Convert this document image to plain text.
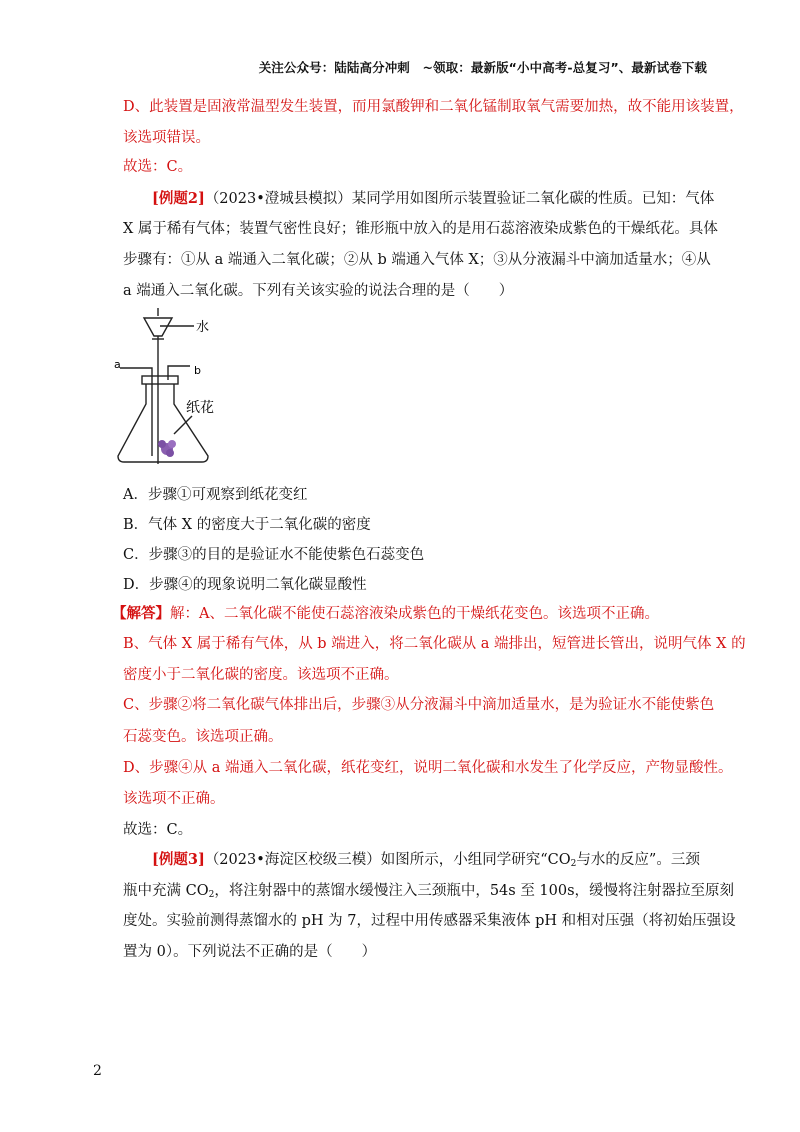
关注公众号：陆陆高分冲刺　~领取：最新版“小中高考-总复习”、最新试卷下载
D、此装置是固液常温型发生装置，而用氯酸钾和二氧化锰制取氧气需要加热，故不能用该装置，
该选项错误。
故选：C。
[例题2]（2023•澄城县模拟）某同学用如图所示装置验证二氧化碳的性质。已知：气体
X 属于稀有气体；装置气密性良好；锥形瓶中放入的是用石蕊溶液染成紫色的干燥纸花。具体
步骤有：①从 a 端通入二氧化碳；②从 b 端通入气体 X；③从分液漏斗中滴加适量水；④从
a 端通入二氧化碳。下列有关该实验的说法合理的是（　　）
水
a	b
纸花
A．步骤①可观察到纸花变红
B．气体 X 的密度大于二氧化碳的密度
C．步骤③的目的是验证水不能使紫色石蕊变色
D．步骤④的现象说明二氧化碳显酸性
【解答】解：A、二氧化碳不能使石蕊溶液染成紫色的干燥纸花变色。该选项不正确。
B、气体 X 属于稀有气体，从 b 端进入，将二氧化碳从 a 端排出，短管进长管出，说明气体 X 的
密度小于二氧化碳的密度。该选项不正确。
C、步骤②将二氧化碳气体排出后，步骤③从分液漏斗中滴加适量水，是为验证水不能使紫色
石蕊变色。该选项正确。
D、步骤④从 a 端通入二氧化碳，纸花变红，说明二氧化碳和水发生了化学反应，产物显酸性。
该选项不正确。
故选：C。
[例题3]（2023•海淀区校级三模）如图所示，小组同学研究“$CO_2$与水的反应”。三颈
瓶中充满 $CO_2$，将注射器中的蒸馏水缓慢注入三颈瓶中，54s 至 100s，缓慢将注射器拉至原刻
度处。实验前测得蒸馏水的 pH 为 7，过程中用传感器采集液体 pH 和相对压强（将初始压强设
置为 0）。下列说法不正确的是（　　）
2
